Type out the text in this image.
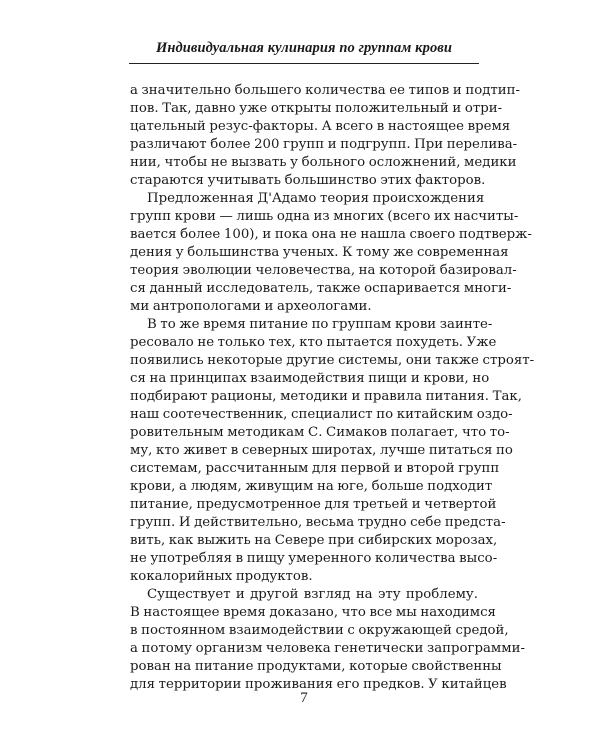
Индивидуальная кулинария по группам крови
а значительно большего количества ее типов и подтип-
пов. Так, давно уже открыты положительный и отри-
цательный резус-факторы. А всего в настоящее время
различают более 200 групп и подгрупп. При перелива-
нии, чтобы не вызвать у больного осложнений, медики
стараются учитывать большинство этих факторов.
Предложенная Д'Адамо теория происхождения
групп крови — лишь одна из многих (всего их насчиты-
вается более 100), и пока она не нашла своего подтверж-
дения у большинства ученых. К тому же современная
теория эволюции человечества, на которой базировал-
ся данный исследователь, также оспаривается многи-
ми антропологами и археологами.
В то же время питание по группам крови заинте-
ресовало не только тех, кто пытается похудеть. Уже
появились некоторые другие системы, они также строят-
ся на принципах взаимодействия пищи и крови, но
подбирают рационы, методики и правила питания. Так,
наш соотечественник, специалист по китайским оздо-
ровительным методикам С. Симаков полагает, что то-
му, кто живет в северных широтах, лучше питаться по
системам, рассчитанным для первой и второй групп
крови, а людям, живущим на юге, больше подходит
питание, предусмотренное для третьей и четвертой
групп. И действительно, весьма трудно себе предста-
вить, как выжить на Севере при сибирских морозах,
не употребляя в пищу умеренного количества высо-
кокалорийных продуктов.
Существует и другой взгляд на эту проблему.
В настоящее время доказано, что все мы находимся
в постоянном взаимодействии с окружающей средой,
а потому организм человека генетически запрограмми-
рован на питание продуктами, которые свойственны
для территории проживания его предков. У китайцев
7
